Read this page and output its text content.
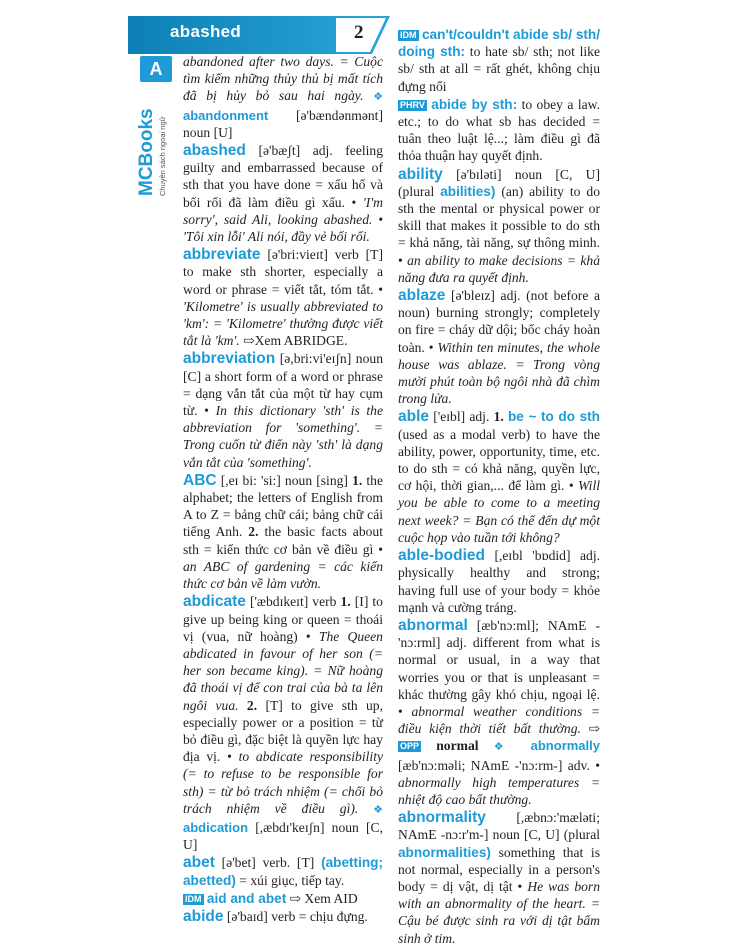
abashed	2
A
MCBooks Chuyên sách ngoại ngữ
abandoned after two days. = Cuộc tìm kiếm những thủy thủ bị mất tích đã bị hủy bỏ sau hai ngày. ❖ abandonment [ə'bændənmənt] noun [U]
abashed [ə'bæʃt] adj. feeling guilty and embarrassed because of sth that you have done = xấu hổ và bối rối đã làm điều gì xấu. • 'I'm sorry', said Ali, looking abashed. • 'Tôi xin lỗi' Ali nói, đầy vẻ bối rối.
abbreviate [ə'bri:vieɪt] verb [T] to make sth shorter, especially a word or phrase = viết tắt, tóm tắt. • 'Kilometre' is usually abbreviated to 'km': = 'Kilometre' thường được viết tắt là 'km'. ⇨Xem ABRIDGE.
abbreviation [ə,bri:vi'eɪʃn] noun [C] a short form of a word or phrase = dạng vắn tắt của một từ hay cụm từ. • In this dictionary 'sth' is the abbreviation for 'something'. = Trong cuốn từ điển này 'sth' là dạng vắn tắt của 'something'.
ABC [,eɪ bi: 'si:] noun [sing] 1. the alphabet; the letters of English from A to Z = bảng chữ cái; bảng chữ cái tiếng Anh. 2. the basic facts about sth = kiến thức cơ bản về điều gì • an ABC of gardening = các kiến thức cơ bản về làm vườn.
abdicate ['æbdɪkeɪt] verb 1. [I] to give up being king or queen = thoái vị (vua, nữ hoàng) • The Queen abdicated in favour of her son (= her son became king). = Nữ hoàng đã thoái vị để con trai của bà ta lên ngôi vua. 2. [T] to give sth up, especially power or a position = từ bỏ điều gì, đặc biệt là quyền lực hay địa vị. • to abdicate responsibility (= to refuse to be responsible for sth) = từ bỏ trách nhiệm (= chối bỏ trách nhiệm về điều gì). ❖ abdication [,æbdɪ'keɪʃn] noun [C, U]
abet [ə'bet] verb. [T] (abetting; abetted) = xúi giục, tiếp tay.
IDM aid and abet ⇨ Xem AID
abide [ə'baɪd] verb = chịu đựng.
IDM can't/couldn't abide sb/ sth/ doing sth: to hate sb/ sth; not like sb/ sth at all = rất ghét, không chịu đựng nổi
PHRV abide by sth: to obey a law. etc.; to do what sb has decided = tuân theo luật lệ...; làm điều gì đã thỏa thuận hay quyết định.
ability [ə'bɪləti] noun [C, U] (plural abilities) (an) ability to do sth the mental or physical power or skill that makes it possible to do sth = khả năng, tài năng, sự thông minh. • an ability to make decisions = khả năng đưa ra quyết định.
ablaze [ə'bleɪz] adj. (not before a noun) burning strongly; completely on fire = cháy dữ dội; bốc cháy hoàn toàn. • Within ten minutes, the whole house was ablaze. = Trong vòng mười phút toàn bộ ngôi nhà đã chìm trong lửa.
able ['eɪbl] adj. 1. be ~ to do sth (used as a modal verb) to have the ability, power, opportunity, time, etc. to do sth = có khả năng, quyền lực, cơ hội, thời gian,... để làm gì. • Will you be able to come to a meeting next week? = Bạn có thể đến dự một cuộc họp vào tuần tới không?
able-bodied [,eɪbl 'bɒdid] adj. physically healthy and strong; having full use of your body = khỏe mạnh và cường tráng.
abnormal [æb'nɔ:ml]; NAmE -'nɔ:rml] adj. different from what is normal or usual, in a way that worries you or that is unpleasant = khác thường gây khó chịu, ngoại lệ. • abnormal weather conditions = điều kiện thời tiết bất thường. ⇨ OPP normal ❖ abnormally [æb'nɔ:məli; NAmE -'nɔ:rm-] adv. • abnormally high temperatures = nhiệt độ cao bất thường.
abnormality [,æbnɔ:'mæləti; NAmE -nɔ:r'm-] noun [C, U] (plural abnormalities) something that is not normal, especially in a person's body = dị vật, dị tật • He was born with an abnormality of the heart. = Cậu bé được sinh ra với dị tật bẩm sinh ở tim.
